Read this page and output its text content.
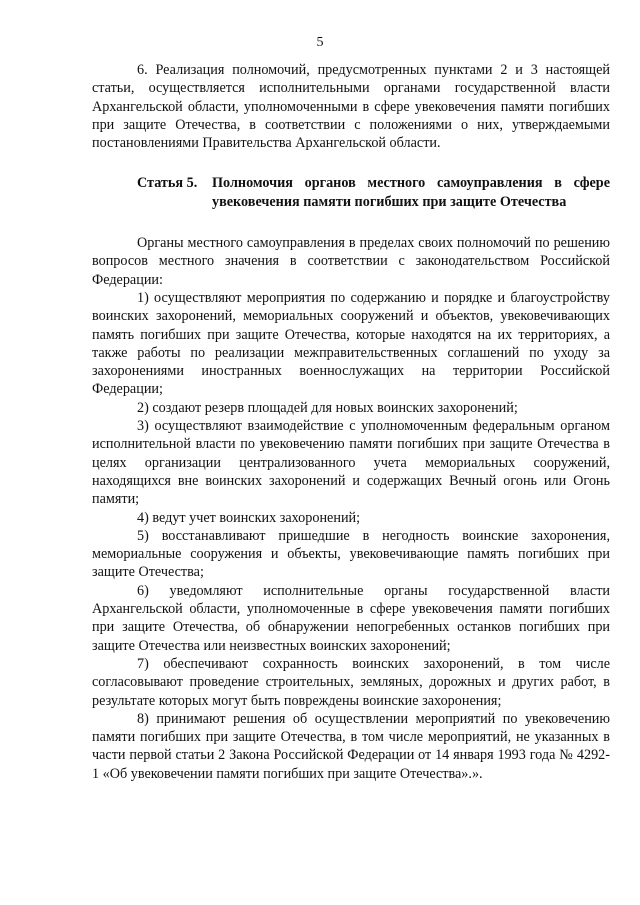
5

6. Реализация полномочий, предусмотренных пунктами 2 и 3 настоящей статьи, осуществляется исполнительными органами государственной власти Архангельской области, уполномоченными в сфере увековечения памяти погибших при защите Отечества, в соответствии с положениями о них, утверждаемыми постановлениями Правительства Архангельской области.

Статья 5.	Полномочия органов местного самоуправления в сфере увековечения памяти погибших при защите Отечества

Органы местного самоуправления в пределах своих полномочий по решению вопросов местного значения в соответствии с законодательством Российской Федерации:

1) осуществляют мероприятия по содержанию и порядке и благоустройству воинских захоронений, мемориальных сооружений и объектов, увековечивающих память погибших при защите Отечества, которые находятся на их территориях, а также работы по реализации межправительственных соглашений по уходу за захоронениями иностранных военнослужащих на территории Российской Федерации;

2) создают резерв площадей для новых воинских захоронений;

3) осуществляют взаимодействие с уполномоченным федеральным органом исполнительной власти по увековечению памяти погибших при защите Отечества в целях организации централизованного учета мемориальных сооружений, находящихся вне воинских захоронений и содержащих Вечный огонь или Огонь памяти;

4) ведут учет воинских захоронений;

5) восстанавливают пришедшие в негодность воинские захоронения, мемориальные сооружения и объекты, увековечивающие память погибших при защите Отечества;

6) уведомляют исполнительные органы государственной власти Архангельской области, уполномоченные в сфере увековечения памяти погибших при защите Отечества, об обнаружении непогребенных останков погибших при защите Отечества или неизвестных воинских захоронений;

7) обеспечивают сохранность воинских захоронений, в том числе согласовывают проведение строительных, земляных, дорожных и других работ, в результате которых могут быть повреждены воинские захоронения;

8) принимают решения об осуществлении мероприятий по увековечению памяти погибших при защите Отечества, в том числе мероприятий, не указанных в части первой статьи 2 Закона Российской Федерации от 14 января 1993 года № 4292-1 «Об увековечении памяти погибших при защите Отечества».».
